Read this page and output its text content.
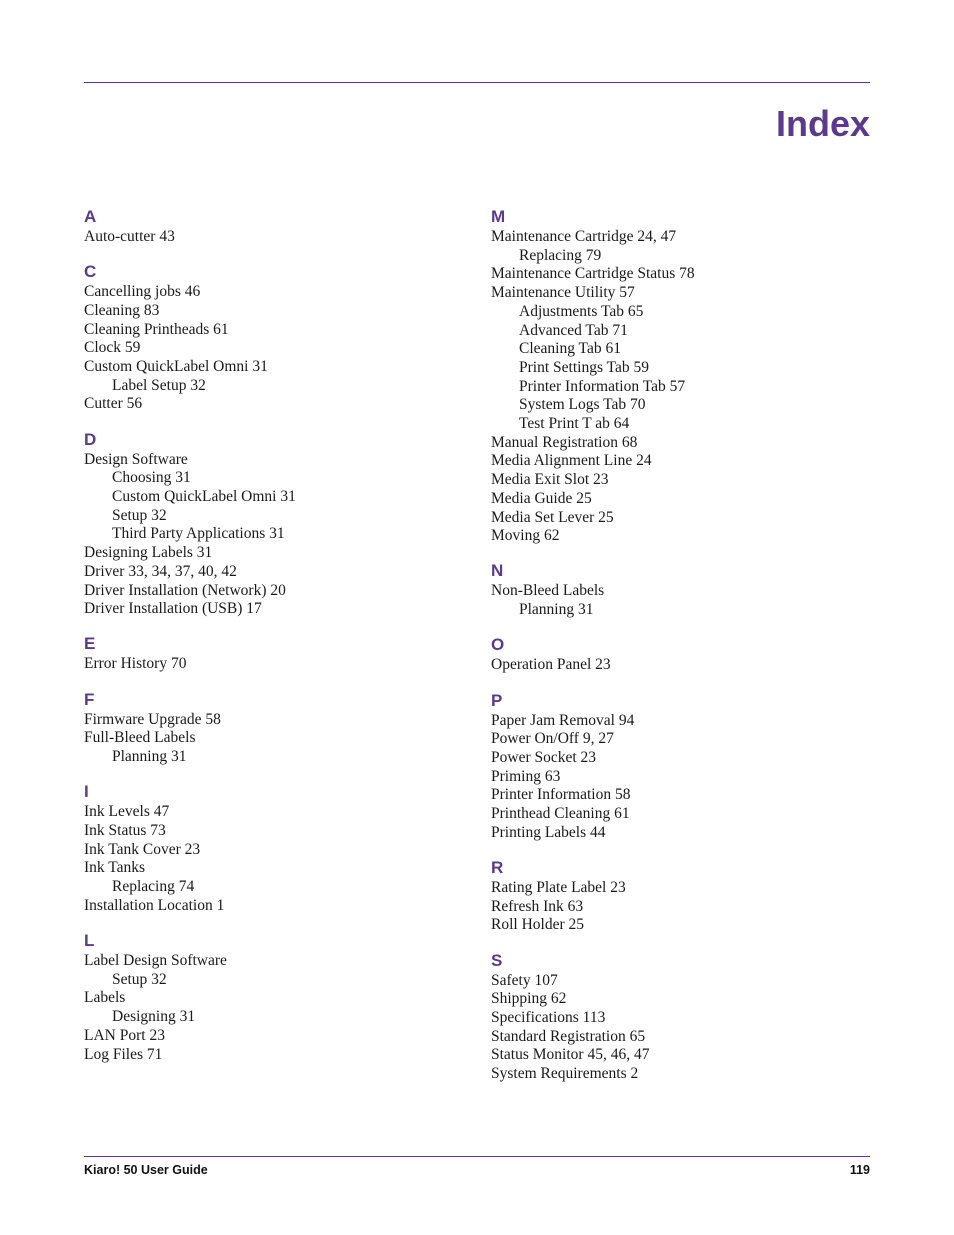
Index
A
Auto-cutter 43
C
Cancelling jobs 46
Cleaning 83
Cleaning Printheads 61
Clock 59
Custom QuickLabel Omni 31
Label Setup 32
Cutter 56
D
Design Software
Choosing 31
Custom QuickLabel Omni 31
Setup 32
Third Party Applications 31
Designing Labels 31
Driver 33, 34, 37, 40, 42
Driver Installation (Network) 20
Driver Installation (USB) 17
E
Error History 70
F
Firmware Upgrade 58
Full-Bleed Labels
Planning 31
I
Ink Levels 47
Ink Status 73
Ink Tank Cover 23
Ink Tanks
Replacing 74
Installation Location 1
L
Label Design Software
Setup 32
Labels
Designing 31
LAN Port 23
Log Files 71
M
Maintenance Cartridge 24, 47
Replacing 79
Maintenance Cartridge Status 78
Maintenance Utility 57
Adjustments Tab 65
Advanced Tab 71
Cleaning Tab 61
Print Settings Tab 59
Printer Information Tab 57
System Logs Tab 70
Test Print T ab 64
Manual Registration 68
Media Alignment Line 24
Media Exit Slot 23
Media Guide 25
Media Set Lever 25
Moving 62
N
Non-Bleed Labels
Planning 31
O
Operation Panel 23
P
Paper Jam Removal 94
Power On/Off 9, 27
Power Socket 23
Priming 63
Printer Information 58
Printhead Cleaning 61
Printing Labels 44
R
Rating Plate Label 23
Refresh Ink 63
Roll Holder 25
S
Safety 107
Shipping 62
Specifications 113
Standard Registration 65
Status Monitor 45, 46, 47
System Requirements 2
Kiaro! 50 User Guide	119
